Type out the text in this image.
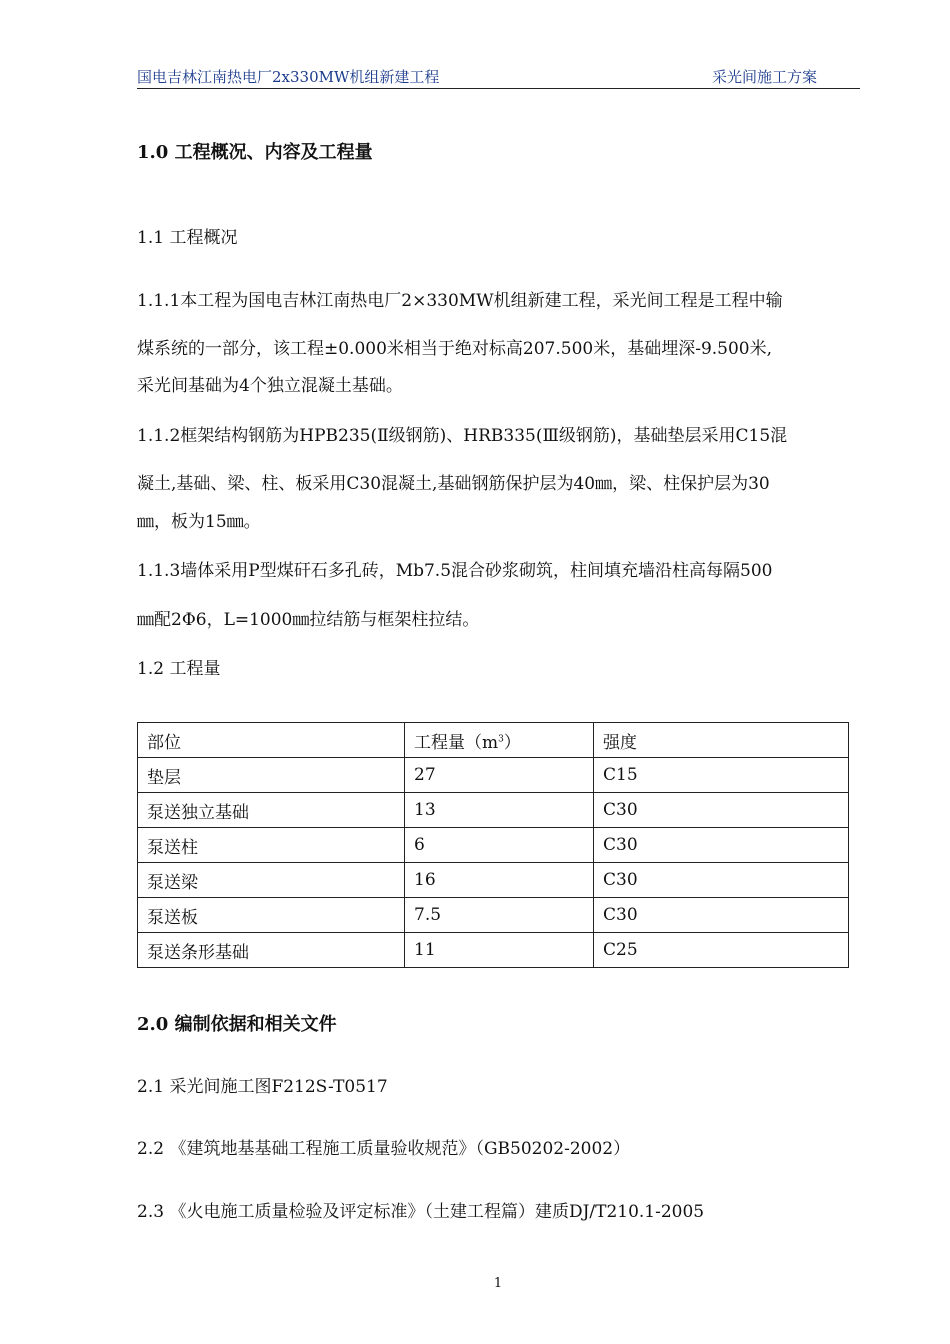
国电吉林江南热电厂2x330MW机组新建工程	采光间施工方案
1.0 工程概况、内容及工程量
1.1 工程概况
1.1.1本工程为国电吉林江南热电厂2×330MW机组新建工程，采光间工程是工程中输
煤系统的一部分，该工程±0.000米相当于绝对标高207.500米，基础埋深-9.500米,
采光间基础为4个独立混凝土基础。
1.1.2框架结构钢筋为HPB235(Ⅱ级钢筋)、HRB335(Ⅲ级钢筋)，基础垫层采用C15混
凝土,基础、梁、柱、板采用C30混凝土,基础钢筋保护层为40㎜，梁、柱保护层为30
㎜，板为15㎜。
1.1.3墙体采用P型煤矸石多孔砖，Mb7.5混合砂浆砌筑，柱间填充墙沿柱高每隔500
㎜配2Φ6，L=1000㎜拉结筋与框架柱拉结。
1.2 工程量
部位	工程量$(m^3)$	强度
垫层	27	C15
泵送独立基础	13	C30
泵送柱	6	C30
泵送梁	16	C30
泵送板	7.5	C30
泵送条形基础	11	C25
2.0 编制依据和相关文件
2.1 采光间施工图F212S-T0517
2.2 《建筑地基基础工程施工质量验收规范》（GB50202-2002）
2.3 《火电施工质量检验及评定标准》（土建工程篇）建质DJ/T210.1-2005
1
